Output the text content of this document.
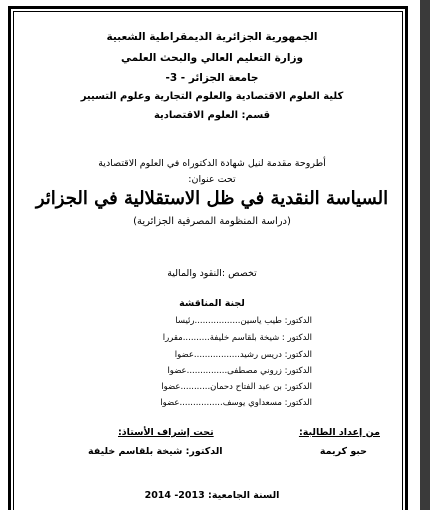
الجمهورية الجزائرية الديمقراطية الشعبية
وزارة التعليم العالي والبحث العلمي
جامعة الجزائر - 3-
كلية العلوم الاقتصادية والعلوم التجارية وعلوم التسيير
قسم: العلوم الاقتصادية
أطروحة مقدمة لنيل شهادة الدكتوراه في العلوم الاقتصادية
تحت عنوان:
السياسة النقدية في ظل الاستقلالية في الجزائر
(دراسة المنظومة المصرفية الجزائرية)
تخصص :النقود والمالية
لجنة المناقشة
الدكتور: طيب ياسين.................رئيسا
الدكتور : شيخة بلقاسم خليفة..........مقررا
الدكتور: دريس رشيد.................عضوا
الدكتور: زروني مصطفى...............عضوا
الدكتور: بن عبد الفتاح دحمان...........عضوا
الدكتور: مسعداوي يوسف................عضوا
من إعداد الطالبة:
حبو كريمة
تحت إشراف الأستاذ:
الدكتور: شيخة بلقاسم خليفة
السنة الجامعية: 2013- 2014
